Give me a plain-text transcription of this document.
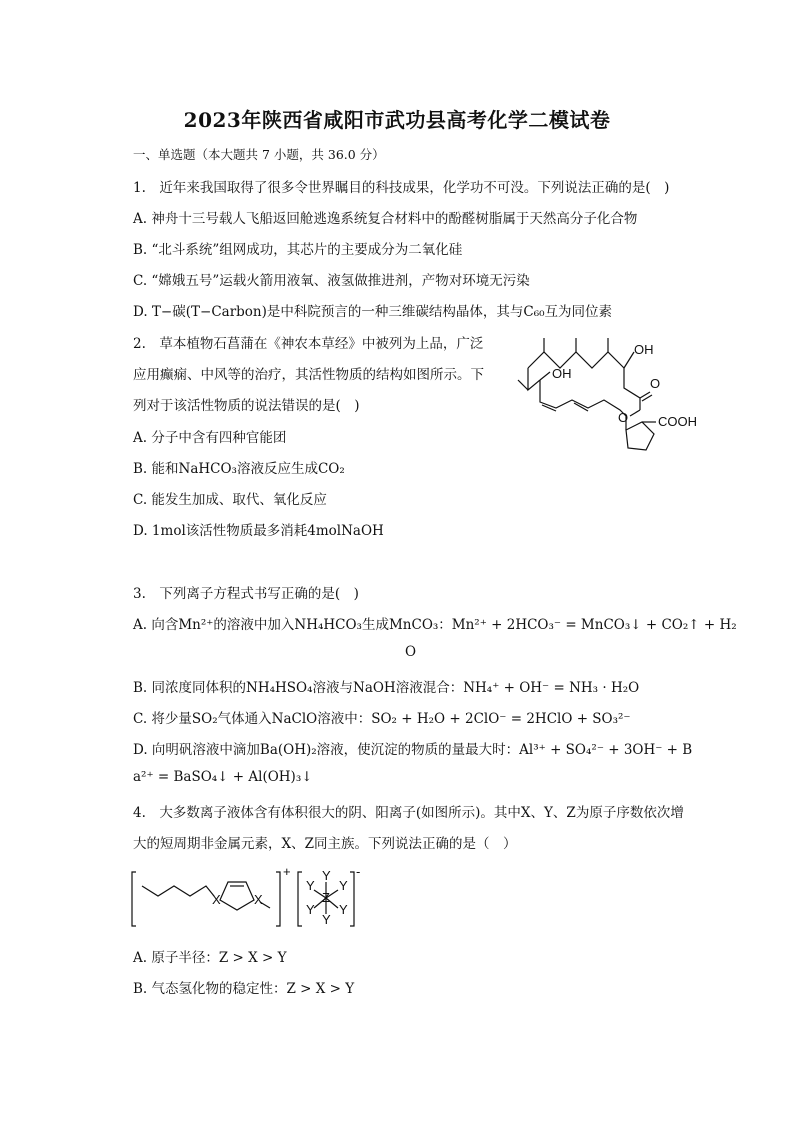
2023年陕西省咸阳市武功县高考化学二模试卷
一、单选题（本大题共 7 小题，共 36.0 分）
1.　近年来我国取得了很多令世界瞩目的科技成果，化学功不可没。下列说法正确的是(　)
A. 神舟十三号载人飞船返回舱逃逸系统复合材料中的酚醛树脂属于天然高分子化合物
B. “北斗系统”组网成功，其芯片的主要成分为二氧化硅
C. “嫦娥五号”运载火箭用液氧、液氢做推进剂，产物对环境无污染
D. T−碳(T−Carbon)是中科院预言的一种三维碳结构晶体，其与C₆₀互为同位素
2.　草本植物石菖蒲在《神农本草经》中被列为上品，广泛
应用癫痫、中风等的治疗，其活性物质的结构如图所示。下
列对于该活性物质的说法错误的是(　)
A. 分子中含有四种官能团
B. 能和NaHCO₃溶液反应生成CO₂
C. 能发生加成、取代、氧化反应
D. 1mol该活性物质最多消耗4molNaOH
OH
OH
O
O COOH
3.　下列离子方程式书写正确的是(　)
A. 向含Mn²⁺的溶液中加入NH₄HCO₃生成MnCO₃：Mn²⁺ + 2HCO₃⁻ = MnCO₃↓ + CO₂↑ + H₂
O
B. 同浓度同体积的NH₄HSO₄溶液与NaOH溶液混合：NH₄⁺ + OH⁻ = NH₃ · H₂O
C. 将少量SO₂气体通入NaClO溶液中：SO₂ + H₂O + 2ClO⁻ = 2HClO + SO₃²⁻
D. 向明矾溶液中滴加Ba(OH)₂溶液，使沉淀的物质的量最大时：Al³⁺ + SO₄²⁻ + 3OH⁻ + B
a²⁺ = BaSO₄↓ + Al(OH)₃↓
4.　大多数离子液体含有体积很大的阴、阳离子(如图所示)。其中X、Y、Z为原子序数依次增
大的短周期非金属元素，X、Z同主族。下列说法正确的是（　）
X	X
+	-
Z
Y
Y Y
Y Y
Y
A. 原子半径：Z > X > Y
B. 气态氢化物的稳定性：Z > X > Y
